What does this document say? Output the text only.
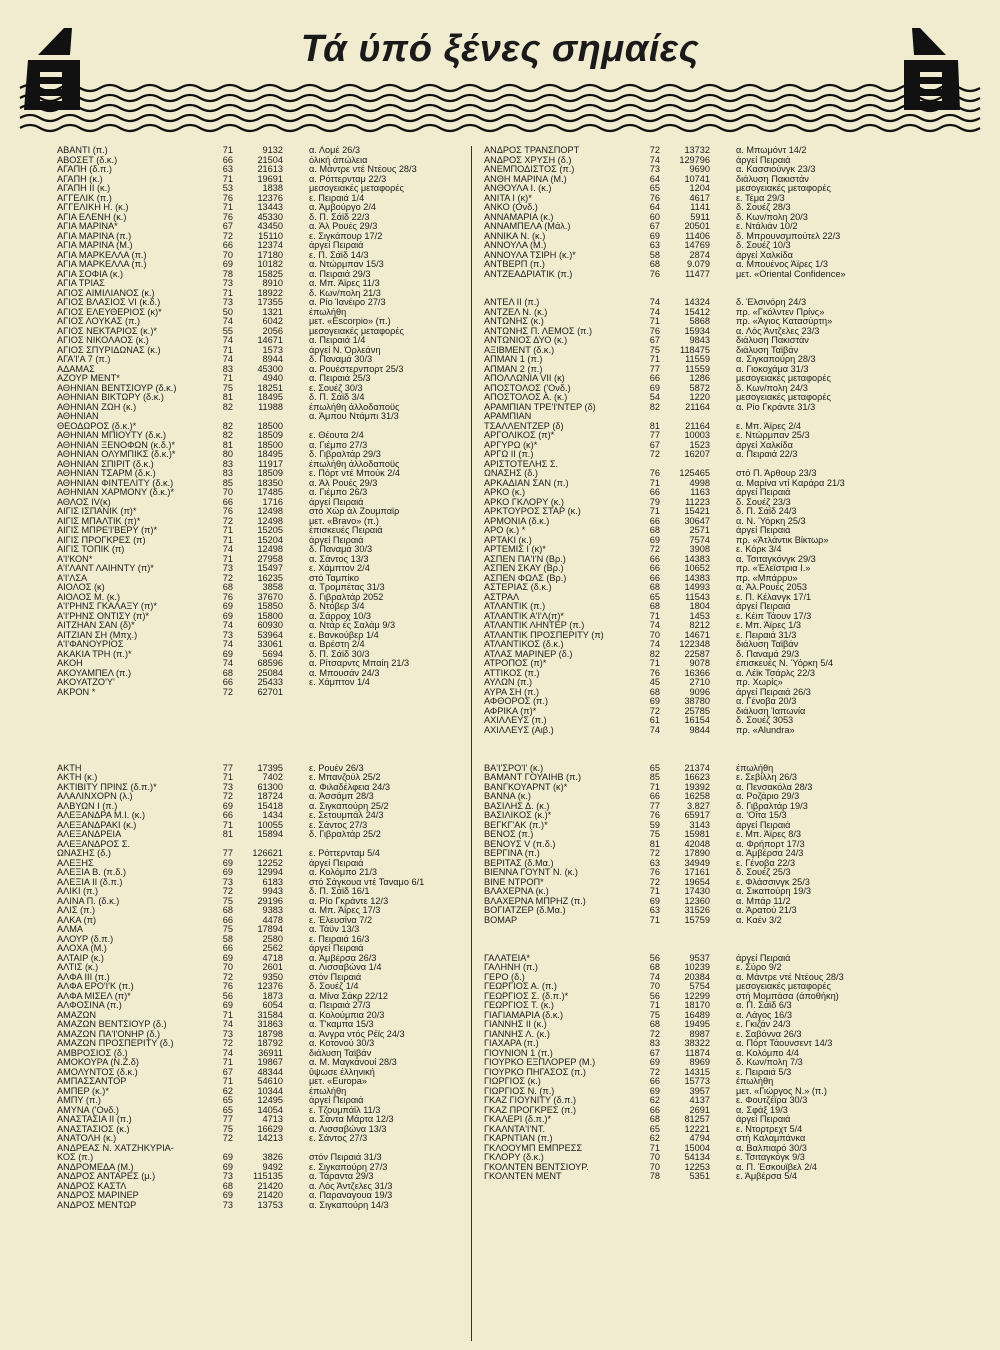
Τά ύπό ξένες σημαίες
ΑΒΑΝΤΙ (π.)	71	9132	α. Λομέ 26/3
ΑΒΟΣΕΤ (δ.κ.)	66	21504	όλική άπώλεια
ΑΓΑΠΗ (δ.π.)	63	21613	α. Μάντρε ντέ Ντέους 28/3
ΑΓΑΠΗ (κ.)	71	19691	α. Ρόττερνταμ 22/3
ΑΓΑΠΗ ΙΙ (κ.)	53	1838	μεσογειακές μεταφορές
ΑΓΓΕΛΙΚ (π.)	76	12376	ε. Πειραιά 1/4
ΑΓΓΕΛΙΚΗ Η. (κ.)	71	13443	α. Άμβούργο 2/4
ΑΓΙΑ ΕΛΕΝΗ (κ.)	76	45330	δ. Π. Σάϊδ 22/3
ΑΓΙΑ ΜΑΡΙΝΑ*	67	43450	α. Άλ Ρουές 29/3
ΑΓΙΑ ΜΑΡΙΝΑ (π.)	72	15110	ε. Σιγκάπουρ 17/2
ΑΓΙΑ ΜΑΡΙΝΑ (Μ.)	66	12374	άργεί Πειραιά
ΑΓΙΑ ΜΑΡΚΕΛΛΑ (π.)	70	17180	ε. Π. Σάϊδ 14/3
ΑΓΙΑ ΜΑΡΚΕΛΛΑ (π.)	69	10182	α. Ντώρμπαν 15/3
ΑΓΙΑ ΣΟΦΙΑ (κ.)	78	15825	α. Πειραιά 29/3
ΑΓΙΑ ΤΡΙΑΣ	73	8910	α. Μπ. Άϊρες 11/3
ΑΓΙΟΣ ΑΙΜΙΛΙΑΝΟΣ (κ.)	71	18922	δ. Κων/πολη 21/3
ΑΓΙΟΣ ΒΛΑΣΙΟΣ VI (κ.δ.)	73	17355	α. Ρίο Ίανέιρο 27/3
ΑΓΙΟΣ ΕΛΕΥΘΕΡΙΟΣ (κ)*	50	1321	έπωλήθη
ΑΓΙΟΣ ΛΟΥΚΑΣ (π.)	74	6042	μετ. «Escorpio» (π.)
ΑΓΙΟΣ ΝΕΚΤΑΡΙΟΣ (κ.)*	55	2056	μεσογειακές μεταφορές
ΑΓΙΟΣ ΝΙΚΟΛΑΟΣ (κ.)	74	14671	α. Πειραιά 1/4
ΑΓΙΟΣ ΣΠΥΡΙΔΩΝΑΣ (κ.)	71	1573	άργεί Ν. Όρλεάνη
ΑΓΑ'Ι'Α 7 (π.)	74	8944	δ. Παναμά 30/3
ΑΔΑΜΑΣ	83	45300	α. Ρουέστερνπορτ 25/3
ΑΖΟΥΡ ΜΕΝΤ*	71	4940	α. Πειραιά 25/3
ΑΘΗΝΙΑΝ ΒΕΝΤΣΙΟΥΡ (δ.κ.)	75	18251	ε. Σουέζ 30/3
ΑΘΗΝΙΑΝ ΒΙΚΤΩΡΥ (δ.κ.)	81	18495	δ. Π. Σάϊδ 3/4
ΑΘΗΝΙΑΝ ΖΩΗ (κ.)	82	11988	έπωλήθη άλλοδαποϋς
ΑΘΗΝΙΑΝ	α. Άμπου Ντάμπι 31/3
ΘΕΟΔΩΡΟΣ (δ.κ.)*	82	18500
ΑΘΗΝΙΑΝ ΜΠΙΟΥΤΥ (δ.κ.)	82	18509	ε. Θέουτα 2/4
ΑΘΗΝΙΑΝ ΞΕΝΟΦΩΝ (κ.δ.)*	81	18500	α. Γιέμπο 27/3
ΑΘΗΝΙΑΝ ΟΛΥΜΠΙΚΣ (δ.κ.)*	80	18495	δ. Γιβραλτάρ 29/3
ΑΘΗΝΙΑΝ ΣΠΙΡΙΤ (δ.κ.)	83	11917	έπωλήθη άλλοδαποϋς
ΑΘΗΝΙΑΝ ΤΣΑΡΜ (δ.κ.)	83	18509	ε. Πόρτ ντέ Μπούκ 2/4
ΑΘΗΝΙΑΝ ΦΙΝΤΕΛΙΤΥ (δ.κ.)	85	18350	α. Άλ Ρουές 29/3
ΑΘΗΝΙΑΝ ΧΑΡΜΟΝΥ (δ.κ.)*	70	17485	α. Γιέμπο 26/3
ΑΘΛΟΣ ΙV(κ)	66	1716	άργεί Πειραιά
ΑΙΓΙΣ ΙΣΠΑΝΙΚ (π)*	76	12498	στό Χώρ άλ Ζουμπαϊρ
ΑΙΓΙΣ ΜΠΑΛΤΙΚ (π)*	72	12498	μετ. «Bravo» (π.)
ΑΙΓΙΣ ΜΠΡΕ'Ι'ΒΕΡΥ (π)*	71	15205	έπισκευές Πειραιά
ΑΙΓΙΣ ΠΡΟΓΚΡΕΣ (π)	71	15204	άργεί Πειραιά
ΑΙΓΙΣ ΤΟΠΙΚ (π)	74	12498	δ. Παναμά 30/3
Α'Ι'ΚΟΝ*	71	27958	α. Σάντος 13/3
Α'Ι'ΛΑΝΤ ΛΑΙΗΝΤΥ (π)*	73	15497	ε. Χάμπτον 2/4
Α'Ι'ΛΣΑ	72	16235	στό Ταμπίκο
ΑΙΟΛΟΣ (κ)	68	3858	α. Τρομπέτας 31/3
ΑΙΟΛΟΣ Μ. (κ.)	76	37670	δ. Γιβραλτάρ 2052
Α'Ι'ΡΗΝΣ ΓΚΑΛΑΞΥ (π)*	69	15850	δ. Ντόβερ 3/4
Α'Ι'ΡΗΝΣ ΟΝΤΙΣΥ (π)*	69	15800	α. Σάρροχ 10/3
ΑΙΤΖΗΑΝ ΣΑΝ (δ)*	74	60930	α. Ντάρ ές Σαλάμ 9/3
ΑΙΤΖΙΑΝ ΣΗ (Μπχ.)	73	53964	ε. Βανκούβερ 1/4
Α'Ι'ΦΑΝΟΥΡΙΟΣ	74	33061	α. Βρέστη 2/4
ΑΚΑΚΙΑ ΤΡΗ (π.)*	69	5694	δ. Π. Σάϊδ 30/3
ΑΚΟΗ	74	68596	α. Ρίτσαρντς Μπαίη 21/3
ΑΚΟΥΑΜΠΕΛ (π.)	68	25084	α. Μπουσάν 24/3
ΑΚΟΥΑΤΖΟ'Υ'	66	25433	ε. Χάμπτον 1/4
ΑΚΡΟΝ *	72	62701
ΑΚΤΗ	77	17395	ε. Ρουέν 26/3
ΑΚΤΗ (κ.)	71	7402	ε. Μπανζούλ 25/2
ΑΚΤΙΒΙΤΥ ΠΡΙΝΣ (δ.π.)*	73	61300	α. Φιλαδέλφεια 24/3
ΑΛΑΛΙΝΧΟΡΝ (λ.)	72	18724	α. Άσσάμπ 28/3
ΑΛΒΥΩΝ Ι (π.)	69	15418	α. Σιγκαπούρη 25/2
ΑΛΕΞΑΝΔΡΑ Μ.Ι. (κ.)	66	1434	ε. Σετουμπάλ 24/3
ΑΛΕΞΑΝΔΡΑΚΙ (κ.)	71	10055	ε. Σάντος 27/3
ΑΛΕΞΑΝΔΡΕΙΑ	81	15894	δ. Γιβραλτάρ 25/2
ΑΛΕΞΑΝΔΡΟΣ Σ.
ΩΝΑΣΗΣ (δ.)	77	126621	ε. Ρόττερνταμ 5/4
ΑΛΕΞΗΣ	69	12252	άργεί Πειραιά
ΑΛΕΞΙΑ Β. (π.δ.)	69	12994	α. Κολόμπο 21/3
ΑΛΕΞΙΑ ΙΙ (δ.π.)	73	6183	στό Σάγκουα ντέ Ταναμο 6/1
ΑΛΙΚΙ (π.)	72	9943	δ. Π. Σάϊδ 16/1
ΑΛΙΝΑ Π. (δ.κ.)	75	29196	α. Ρίο Γκράντε 12/3
ΑΛΙΣ (π.)	68	9383	α. Μπ. Άϊρες 17/3
ΑΛΚΑ (π)	66	4478	ε. Έλευσίνα 7/2
ΑΛΜΑ	75	17894	α. Τάϋν 13/3
ΑΛΟΥΡ (δ.π.)	58	2580	ε. Πειραιά 16/3
ΑΛΟΧΑ (Μ.)	66	2562	άργεί Πειραιά
ΑΛΤΑΙΡ (κ.)	69	4718	α. Άμβέρσα 26/3
ΑΛΤΙΣ (κ.)	70	2601	α. Λισσαβώνα 1/4
ΑΛΦΑ ΙΙΙ (π.)	72	9350	στόν Πειραιά
ΑΛΦΑ ΕΡΟ'Ι'Κ (π.)	76	12376	δ. Σουέζ 1/4
ΑΛΦΑ ΜΙΣΕΛ (π)*	56	1873	α. Μίνα Σάκρ 22/12
ΑΛΦΟΣΙΝΑ (π.)	69	6054	α. Πειραιά 27/3
ΑΜΑΖΩΝ	71	31584	α. Κολούμπια 20/3
ΑΜΑΖΩΝ ΒΕΝΤΣΙΟΥΡ (δ.)	74	31863	α. Τ'καμπα 15/3
ΑΜΑΖΩΝ ΠΑ'Ι'ΟΝΗΡ (δ.)	73	18798	α. Άνγρα ντός Ρέϊς 24/3
ΑΜΑΖΩΝ ΠΡΟΣΠΕΡΙΤΥ (δ.)	72	18792	α. Κοτονού 30/3
ΑΜΒΡΟΣΙΟΣ (δ.)	74	36911	διάλυση Ταϊβάν
ΑΜΟΚΟΥΡΑ (Ν.Ζ.δ)	71	19867	α. Μ. Μαγκάνουί 28/3
ΑΜΟΛΥΝΤΟΣ (δ.κ.)	67	48344	ΰψωσε έλληνική
ΑΜΠΑΣΣΑΝΤΟΡ	71	54610	μετ. «Europa»
ΑΜΠΕΡ (κ.)*	62	10344	έπωλήθη
ΑΜΠΥ (π.)	65	12495	άργεί Πειραιά
ΑΜΥΝΑ ('Ονδ.)	65	14054	ε. Τζουμπάϊλ 11/3
ΑΝΑΣΤΑΣΙΑ ΙΙ (π.)	77	4713	α. Σάντα Μάρτα 12/3
ΑΝΑΣΤΑΣΙΟΣ (κ.)	75	16629	α. Λισσαβώνα 13/3
ΑΝΑΤΟΛΗ (κ.)	72	14213	ε. Σάντος 27/3
ΑΝΔΡΕΑΣ Ν. ΧΑΤΖΗΚΥΡΙΑ-
ΚΟΣ (π.)	69	3826	στόν Πειραιά 31/3
ΑΝΔΡΟΜΕΔΑ (Μ.)	69	9492	ε. Σιγκαπούρη 27/3
ΑΝΔΡΟΣ ΑΝΤΑΡΕΣ (μ.)	73	115135	α. Τάραντα 29/3
ΑΝΔΡΟΣ ΚΑΣΤΛ	68	21420	α. Λός Άντζελες 31/3
ΑΝΔΡΟΣ ΜΑΡΙΝΕΡ	69	21420	α. Παραναγουα 19/3
ΑΝΔΡΟΣ ΜΕΝΤΩΡ	73	13753	α. Σιγκαπούρη 14/3
ΑΝΔΡΟΣ ΤΡΑΝΣΠΟΡΤ	72	13732	α. Μπωμόντ 14/2
ΑΝΔΡΟΣ ΧΡΥΣΗ (δ.)	74	129796	άργεί Πειραιά
ΑΝΕΜΠΟΔΙΣΤΟΣ (π.)	73	9690	α. Κασσιούνγκ 23/3
ΑΝΘΗ ΜΑΡΙΝΑ (Μ.)	64	10741	διάλυση Πακιστάν
ΑΝΘΟΥΛΑ Ι. (κ.)	65	1204	μεσογειακές μεταφορές
ΑΝΙΤΑ Ι (κ)*	76	4617	ε. Τέμα 29/3
ΑΝΚΟ (Ονδ.)	64	1141	δ. Σουέζ 28/3
ΑΝΝΑΜΑΡΙΑ (κ.)	60	5911	δ. Κων/πολη 20/3
ΑΝΝΑΜΠΕΛΑ (Μάλ.)	67	20501	ε. Ντάλιάν 10/2
ΑΝΝΙΚΑ Ν. (κ.)	69	11406	δ. Μπρουνσμπούτελ 22/3
ΑΝΝΟΥΛΑ (Μ.)	63	14769	δ. Σουέζ 10/3
ΑΝΝΟΥΛΑ ΤΣΙΡΗ (κ.)*	58	2874	άργεί Χαλκίδα
ΑΝΤΒΕΡΠ (π.)	68	9.079	α. Μπουένος Άϊρες 1/3
ΑΝΤΖΕΑΔΡΙΑΤΙΚ (π.)	76	11477	μετ. «Oriental Confidence»
ΑΝΤΕΛ ΙΙ (π.)	74	14324	δ. Έλσινόρη 24/3
ΑΝΤΖΕΛ Ν. (κ.)	74	15412	πρ. «Γκόλντεν Πρίνς»
ΑΝΤΩΝΗΣ (κ.)	71	5868	πρ. «Άγιος Κατασύρτη»
ΑΝΤΩΝΗΣ Π. ΛΕΜΟΣ (π.)	76	15934	α. Λός Άντζελες 23/3
ΑΝΤΩΝΙΟΣ ΔΥΟ (κ.)	67	9843	διάλυση Πακιστάν
ΑΞΙΒΜΕΝΤ (δ.κ.)	75	118475	διάλυση Ταϊβάν
ΑΠΜΑΝ 1 (π.)	71	11559	α. Σιγκαπούρη 28/3
ΑΠΜΑΝ 2 (π.)	77	11559	α. Γιοκοχάμα 31/3
ΑΠΟΛΛΩΝΙΑ VII (κ)	66	1286	μεσογειακές μεταφορές
ΑΠΟΣΤΟΛΟΣ ('Ονδ.)	69	5872	δ. Κων/πολη 24/3
ΑΠΟΣΤΟΛΟΣ Α. (κ.)	54	1220	μεσογειακές μεταφορές
ΑΡΑΜΠΙΑΝ ΤΡΕ'Ι'ΝΤΕΡ (δ)	82	21164	α. Ρίο Γκράντε 31/3
ΑΡΑΜΠΙΑΝ
ΤΣΑΛΛΕΝΤΖΕΡ (δ)	81	21164	ε. Μπ. Άϊρες 2/4
ΑΡΓΟΛΙΚΟΣ (π)*	77	10003	ε. Ντώρμπαν 25/3
ΑΡΓΥΡΩ (κ)*	67	1523	άργεί Χαλκίδα
ΑΡΓΩ ΙΙ (π.)	72	16207	α. Πειραιά 22/3
ΑΡΙΣΤΟΤΕΛΗΣ Σ.
ΩΝΑΣΗΣ (δ.)	76	125465	στό Π. Άρθουρ 23/3
ΑΡΚΑΔΙΑΝ ΣΑΝ (π.)	71	4998	α. Μαρίνα ντί Καράρα 21/3
ΑΡΚΟ (κ.)	66	1163	άργεί Πειραιά
ΑΡΚΟ ΓΚΛΟΡΥ (κ.)	79	11223	δ. Σουέζ 23/3
ΑΡΚΤΟΥΡΟΣ ΣΤΑΡ (κ.)	71	15421	δ. Π. Σάϊδ 24/3
ΑΡΜΟΝΙΑ (δ.κ.)	66	30647	α. Ν. Ύόρκη 25/3
ΑΡΟ (κ.) *	68	2571	άργεί Πειραιά
ΑΡΤΑΚΙ (κ.)	69	7574	πρ. «Άτλάντικ Βίκτωρ»
ΑΡΤΕΜΙΣ Ι (κ)*	72	3908	ε. Κόρκ 3/4
ΑΣΠΕΝ ΠΑ'Ι'Ν (Βρ.)	66	14383	α. Τσιταγκόνγκ 29/3
ΑΣΠΕΝ ΣΚΑΥ (Βρ.)	66	10652	πρ. «Έλεϊστρια Ι.»
ΑΣΠΕΝ ΦΩΛΣ (Βρ.)	66	14383	πρ. «Μπάρρυ»
ΑΣΤΕΡΙΑΣ (δ.κ.)	68	14993	α. Άλ.Ρουές 2053
ΑΣΤΡΑΛ	65	11543	ε. Π. Κέλανγκ 17/1
ΑΤΛΑΝΤΙΚ (π.)	68	1804	άργεί Πειραιά
ΑΤΛΑΝΤΙΚ Α'Ι'Λ(π)*	71	1453	ε. Κέιπ Τάουν 17/3
ΑΤΛΑΝΤΙΚ ΛΗΝΤΕΡ (π.)	74	8212	ε. Μπ. Άϊρες 1/3
ΑΤΛΑΝΤΙΚ ΠΡΟΣΠΕΡΙΤΥ (π)	70	14671	ε. Πειραιά 31/3
ΑΤΛΑΝΤΙΚΟΣ (δ.κ.)	74	122348	διάλυση Ταϊβάν
ΑΤΛΑΣ ΜΑΡΙΝΕΡ (δ.)	82	22587	δ. Παναμά 29/3
ΑΤΡΟΠΟΣ (π)*	71	9078	έπισκευές Ν. Ύόρκη 5/4
ΑΤΤΙΚΟΣ (π.)	76	16366	α. Λέϊκ Τσάρλς 22/3
ΑΥΛΩΝ (π.)	45	2710	πρ. Χωρίς»
ΑΥΡΑ ΣΗ (π.)	68	9096	άργεί Πειραιά 26/3
ΑΦΘΟΡΟΣ (π.)	69	38780	α. Γένοβα 20/3
ΑΦΡΙΚΑ (π)*	72	25785	διάλυση Ίαπωνία
ΑΧΙΛΛΕΥΣ (π.)	61	16154	δ. Σουέζ 3053
ΑΧΙΛΛΕΥΣ (Αιβ.)	74	9844	πρ. «Alundra»
ΒΑ'Ι'ΣΡΟ'Ι' (κ.)	65	21374	έπωλήθη
ΒΑΜΑΝΤ ΓΟΥΑΙΗΒ (π.)	85	16623	ε. Σεβίλλη 26/3
ΒΑΝΓΚΟΥΑΡΝΤ (κ)*	71	19392	α. Πενσακόλα 28/3
ΒΑΝΝΑ (κ.)	66	16258	α. Ροζάριο 29/3
ΒΑΣΙΛΗΣ Δ. (κ.)	77	3.827	δ. Γιβραλτάρ 19/3
ΒΑΣΙΛΙΚΟΣ (κ.)*	76	65917	α. 'Οΐτα 15/3
ΒΕΓΚΓ'ΑΚ (π.)*	59	3143	άργεί Πειραιά
ΒΕΝΟΣ (π.)	75	15981	ε. Μπ. Άϊρες 8/3
ΒΕΝΟΥΣ V (π.δ.)	81	42048	α. Φρήπορτ 17/3
ΒΕΡΓΙΝΑ (π.)	72	17890	α. Άμβέρσα 24/3
ΒΕΡΙΤΑΣ (δ.Μα.)	63	34949	ε. Γένοβα 22/3
ΒΙΕΝΝΑ ΓΟΥΝΤ Ν. (κ.)	76	17161	δ. Σουέζ 25/3
ΒΙΝΕ ΝΤΡΟΠ*	72	19654	ε. Φλάσσινγκ 25/3
ΒΛΑΧΕΡΝΑ (κ.)	71	17430	α. Σικαπούρη 19/3
ΒΛΑΧΕΡΝΑ ΜΠΡΗΖ (π.)	69	12360	α. Μπάρ 11/2
ΒΟΓΙΑΤΖΕΡ (δ.Μα.)	63	31526	α. Άρατού 21/3
ΒΟΜΑΡ	71	15759	α. Καέν 3/2
ΓΑΛΑΤΕΙΑ*	56	9537	άργεί Πειραιά
ΓΑΛΗΝΗ (π.)	68	10239	ε. Σύρο 9/2
ΓΕΡΟ (δ.)	74	20384	α. Μάντρε ντέ Ντέους 28/3
ΓΕΩΡΓΙΟΣ Α. (π.)	70	5754	μεσογειακές μεταφορές
ΓΕΩΡΓΙΟΣ Σ. (δ.π.)*	56	12299	στή Μομπάσα (άποθήκη)
ΓΕΩΡΓΙΟΣ Τ. (κ.)	71	18170	α. Π. Σάϊδ 6/3
ΓΙΑΓΙΑΜΑΡΙΑ (δ.κ.)	75	16489	α. Λάγος 16/3
ΓΙΑΝΝΗΣ ΙΙ (κ.)	68	19495	ε. Γκιζάν 24/3
ΓΙΑΝΝΗΣ Λ. (κ.)	72	8987	ε. Σαβόννα 26/3
ΓΙΑΧΑΡΑ (π.)	83	38322	α. Πόρτ Τάουνσεντ 14/3
ΓΙΟΥΝΙΟΝ 1 (π.)	67	11874	α. Κολόμπο 4/4
ΓΙΟΥΡΚΟ ΕΞΠΛΟΡΕΡ (Μ.)	69	8969	δ. Κων/πολη 7/3
ΓΙΟΥΡΚΟ ΠΗΓΑΣΟΣ (π.)	72	14315	ε. Πειραιά 5/3
ΓΙΩΡΓΙΟΣ (κ.)	66	15773	έπωλήθη
ΓΙΩΡΓΙΟΣ Ν. (π.)	69	3957	μετ. «Γιώργος Ν.» (π.)
ΓΚΑΖ ΓΙΟΥΝΙΤΥ (δ.π.)	62	4137	ε. Φουτζέϊρα 30/3
ΓΚΑΖ ΠΡΟΓΚΡΕΣ (π.)	66	2691	α. Σφάξ 19/3
ΓΚΑΛΕΡΙ (δ.π.)*	68	81257	άργεί Πειραιά
ΓΚΑΛΝΤΑ'Ι'ΝΤ.	65	12221	ε. Ντορτρεχτ 5/4
ΓΚΑΡΝΤΙΑΝ (π.)	62	4794	στή Καλαμπάνκα
ΓΚΛΟΟΥΜΠ ΕΜΠΡΕΣΣ	71	15004	α. Βαλπιαρό 30/3
ΓΚΛΟΡΥ (δ.κ.)	70	54134	ε. Τσιταγκόγκ 9/3
ΓΚΟΛΝΤΕΝ ΒΕΝΤΣΙΟΥΡ.	70	12253	α. Π. Έσκουϊβελ 2/4
ΓΚΟΛΝΤΕΝ ΜΕΝΤ	78	5351	ε. Άμβέρσα 5/4
